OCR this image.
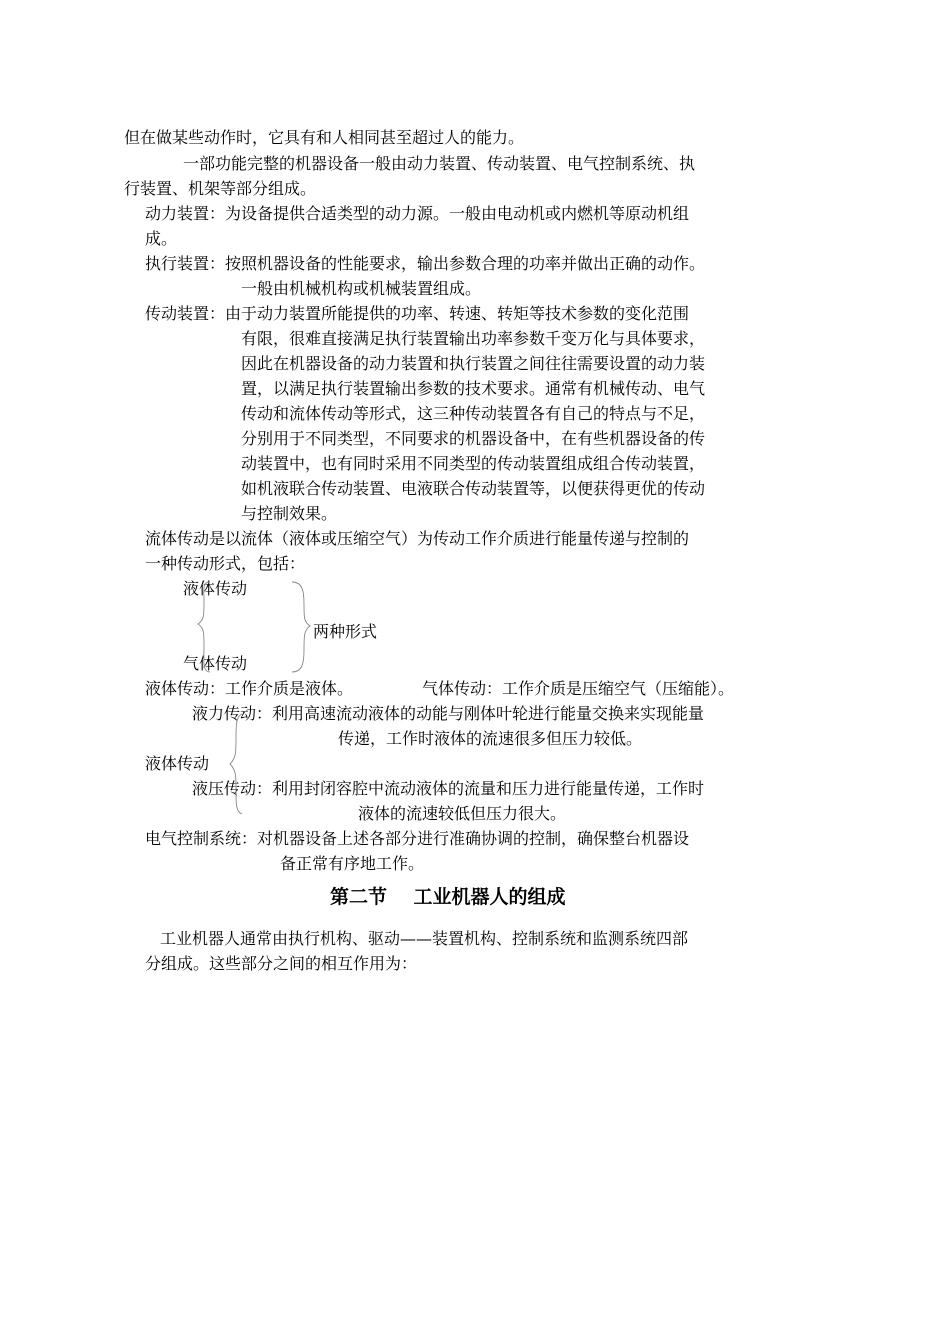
但在做某些动作时，它具有和人相同甚至超过人的能力。

一部功能完整的机器设备一般由动力装置、传动装置、电气控制系统、执

行装置、机架等部分组成。

动力装置：为设备提供合适类型的动力源。一般由电动机或内燃机等原动机组

成。

执行装置：按照机器设备的性能要求，输出参数合理的功率并做出正确的动作。

一般由机械机构或机械装置组成。

传动装置：由于动力装置所能提供的功率、转速、转矩等技术参数的变化范围

有限，很难直接满足执行装置输出功率参数千变万化与具体要求，

因此在机器设备的动力装置和执行装置之间往往需要设置的动力装

置，以满足执行装置输出参数的技术要求。通常有机械传动、电气

传动和流体传动等形式，这三种传动装置各有自己的特点与不足，

分别用于不同类型，不同要求的机器设备中，在有些机器设备的传

动装置中，也有同时采用不同类型的传动装置组成组合传动装置，

如机液联合传动装置、电液联合传动装置等，以便获得更优的传动

与控制效果。

流体传动是以流体（液体或压缩空气）为传动工作介质进行能量传递与控制的

一种传动形式，包括：

液体传动

两种形式

气体传动

液体传动：工作介质是液体。	气体传动：工作介质是压缩空气（压缩能）。

液力传动：利用高速流动液体的动能与刚体叶轮进行能量交换来实现能量

传递，工作时液体的流速很多但压力较低。

液体传动

液压传动：利用封闭容腔中流动液体的流量和压力进行能量传递，工作时

液体的流速较低但压力很大。

电气控制系统：对机器设备上述各部分进行准确协调的控制，确保整台机器设

备正常有序地工作。

第二节    工业机器人的组成

工业机器人通常由执行机构、驱动——装置机构、控制系统和监测系统四部

分组成。这些部分之间的相互作用为：
